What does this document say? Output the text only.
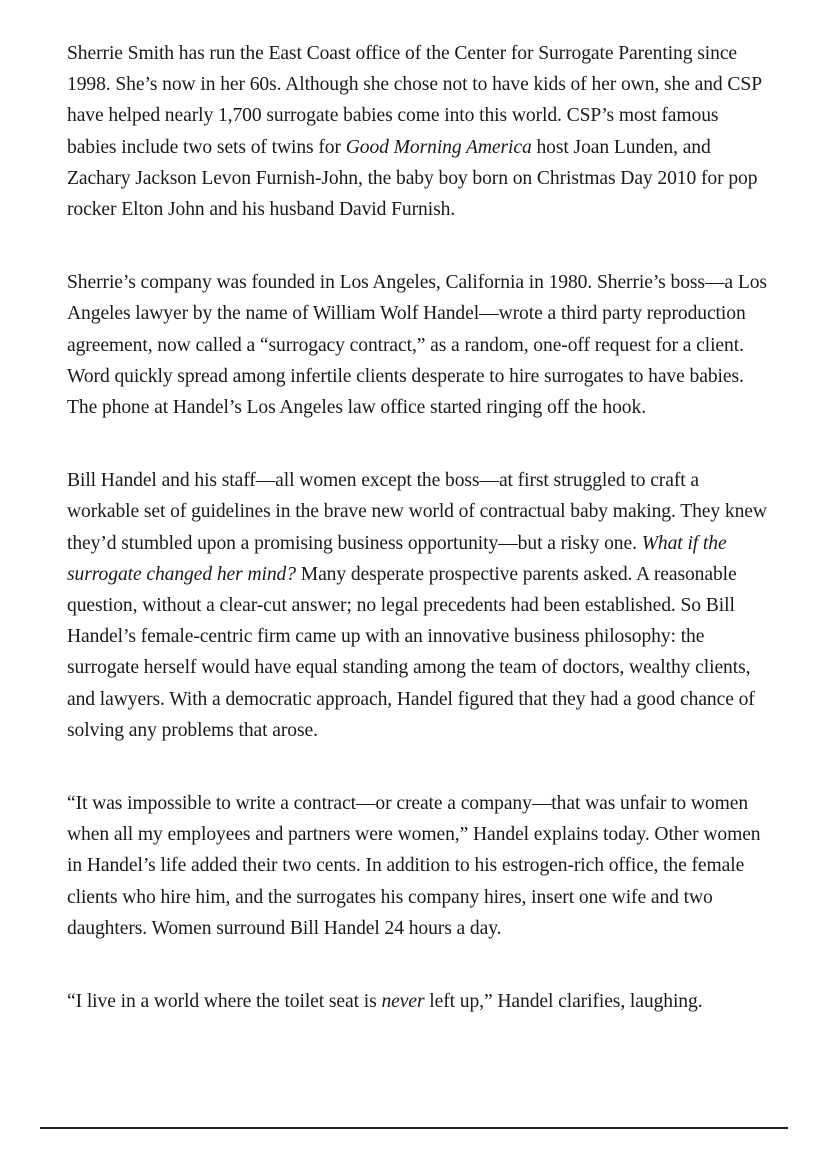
Sherrie Smith has run the East Coast office of the Center for Surrogate Parenting since 1998. She’s now in her 60s. Although she chose not to have kids of her own, she and CSP have helped nearly 1,700 surrogate babies come into this world. CSP’s most famous babies include two sets of twins for Good Morning America host Joan Lunden, and Zachary Jackson Levon Furnish-John, the baby boy born on Christmas Day 2010 for pop rocker Elton John and his husband David Furnish.

Sherrie’s company was founded in Los Angeles, California in 1980. Sherrie’s boss—a Los Angeles lawyer by the name of William Wolf Handel—wrote a third party reproduction agreement, now called a “surrogacy contract,” as a random, one-off request for a client. Word quickly spread among infertile clients desperate to hire surrogates to have babies. The phone at Handel’s Los Angeles law office started ringing off the hook.

Bill Handel and his staff—all women except the boss—at first struggled to craft a workable set of guidelines in the brave new world of contractual baby making. They knew they’d stumbled upon a promising business opportunity—but a risky one. What if the surrogate changed her mind? Many desperate prospective parents asked. A reasonable question, without a clear-cut answer; no legal precedents had been established. So Bill Handel’s female-centric firm came up with an innovative business philosophy: the surrogate herself would have equal standing among the team of doctors, wealthy clients, and lawyers. With a democratic approach, Handel figured that they had a good chance of solving any problems that arose.

“It was impossible to write a contract—or create a company—that was unfair to women when all my employees and partners were women,” Handel explains today. Other women in Handel’s life added their two cents. In addition to his estrogen-rich office, the female clients who hire him, and the surrogates his company hires, insert one wife and two daughters. Women surround Bill Handel 24 hours a day.

“I live in a world where the toilet seat is never left up,” Handel clarifies, laughing.
